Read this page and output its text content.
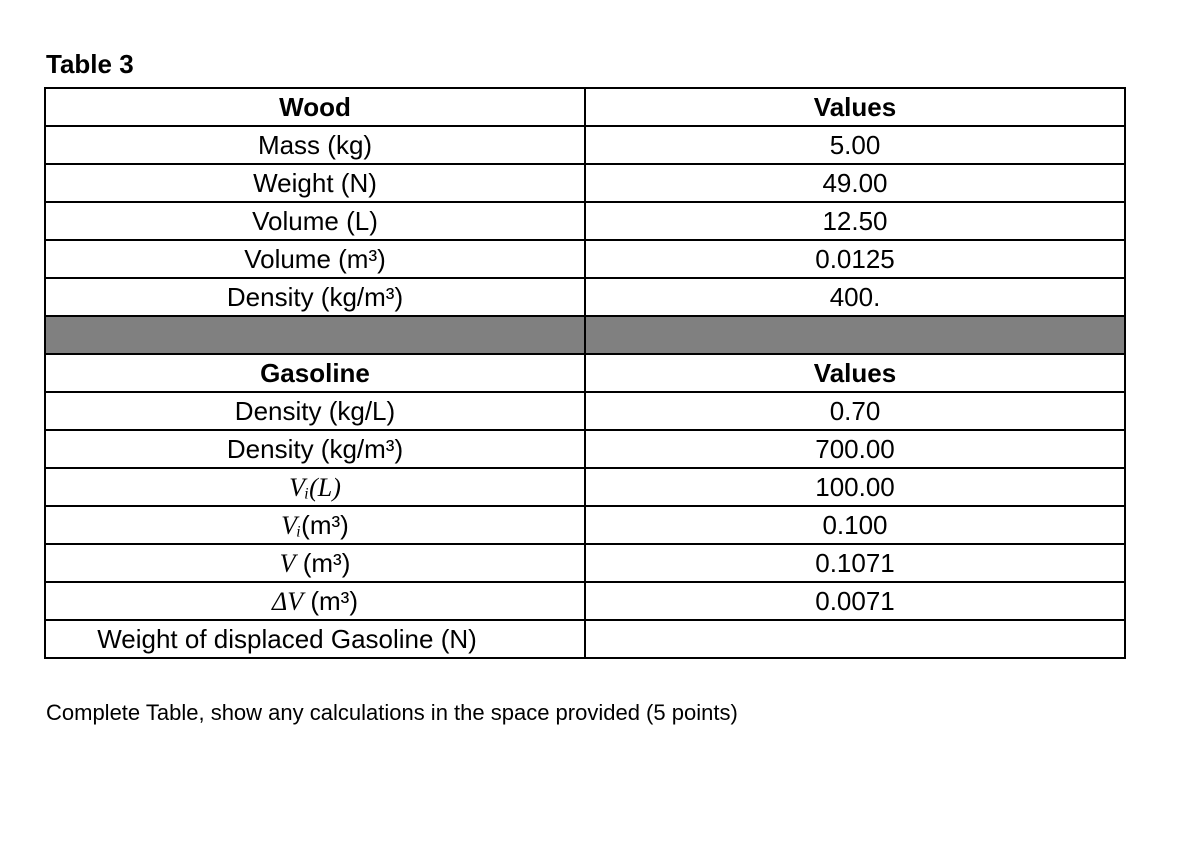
Table 3
Wood	Values
Mass (kg)	5.00
Weight (N)	49.00
Volume (L)	12.50
Volume (m³)	0.0125
Density (kg/m³)	400.

Gasoline	Values
Density (kg/L)	0.70
Density (kg/m³)	700.00
Vᵢ(L)	100.00
Vᵢ(m³)	0.100
V (m³)	0.1071
ΔV (m³)	0.0071
Weight of displaced Gasoline (N)	
Complete Table, show any calculations in the space provided (5 points)
